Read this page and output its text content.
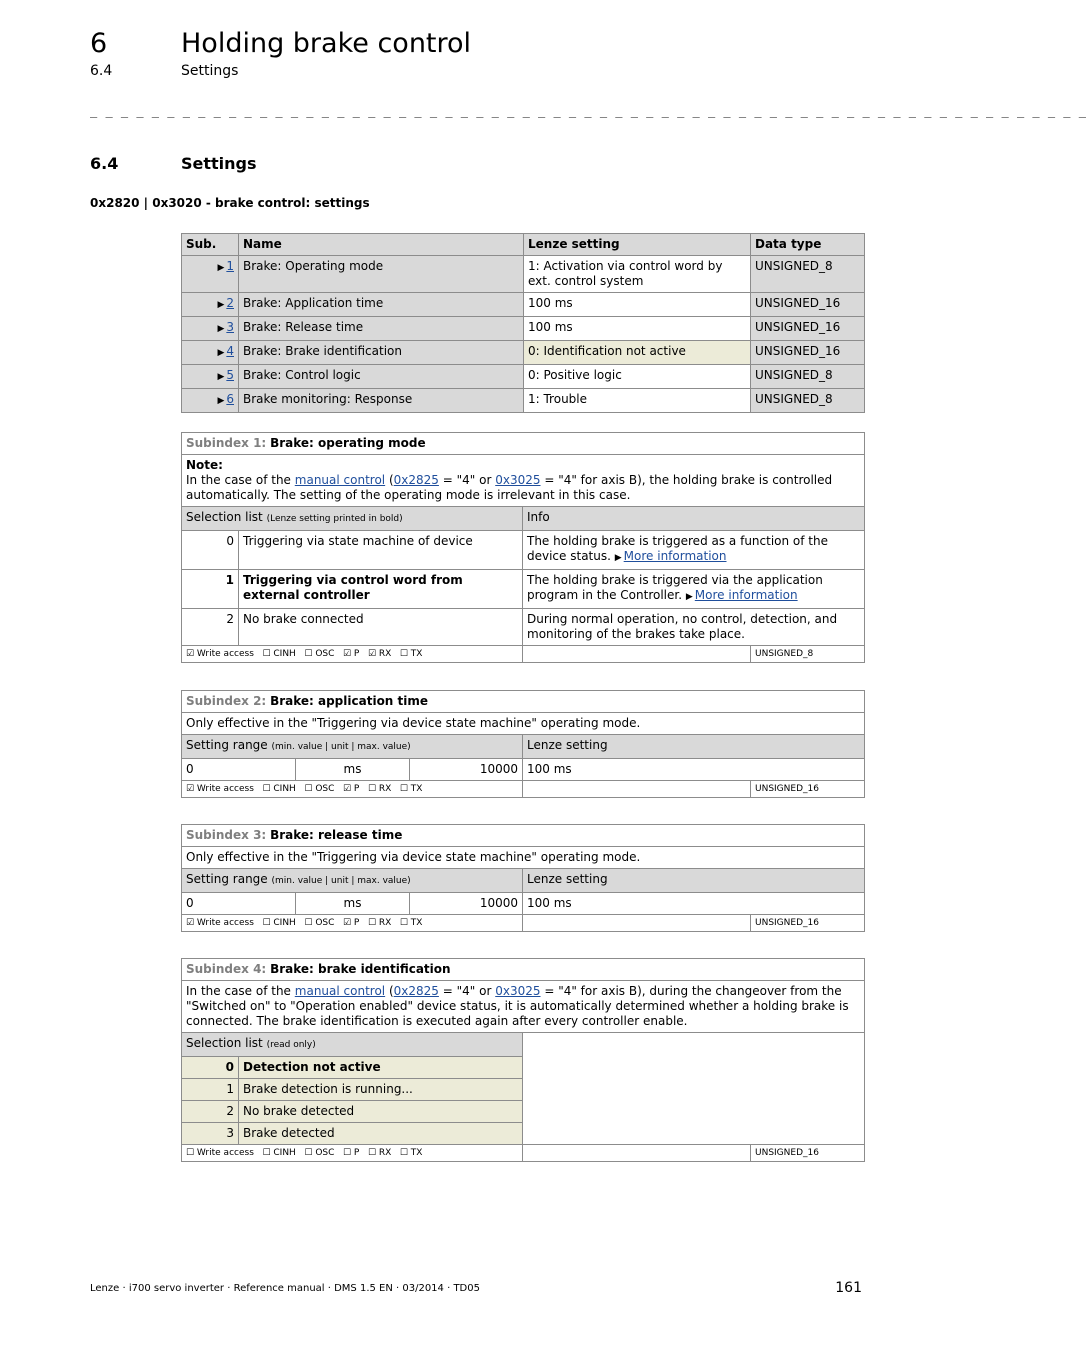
6	Holding brake control
6.4	Settings
_ _ _ _ _ _ _ _ _ _ _ _ _ _ _ _ _ _ _ _ _ _ _ _ _ _ _ _ _ _ _ _ _ _ _ _ _ _ _ _ _ _ _ _ _ _ _ _ _ _ _ _ _ _ _ _ _ _ _ _ _ _ _ _ _
6.4	Settings
0x2820 | 0x3020 - brake control: settings
Sub.	Name	Lenze setting	Data type
▶ 1	Brake: Operating mode	1: Activation via control word by ext. control system	UNSIGNED_8
▶ 2	Brake: Application time	100 ms	UNSIGNED_16
▶ 3	Brake: Release time	100 ms	UNSIGNED_16
▶ 4	Brake: Brake identification	0: Identification not active	UNSIGNED_16
▶ 5	Brake: Control logic	0: Positive logic	UNSIGNED_8
▶ 6	Brake monitoring: Response	1: Trouble	UNSIGNED_8
Subindex 1: Brake: operating mode			

Note:
In the case of the manual control (0x2825 = "4" or 0x3025 = "4" for axis B), the holding brake is controlled automatically. The setting of the operating mode is irrelevant in this case.			
Selection list (Lenze setting printed in bold)		Info	
0	Triggering via state machine of device	The holding brake is triggered as a function of the device status. ▶ More information	
1	Triggering via control word from external controller	The holding brake is triggered via the application program in the Controller. ▶ More information	
2	No brake connected	During normal operation, no control, detection, and monitoring of the brakes take place.	
☑ Write access   ☐ CINH   ☐ OSC   ☑ P   ☑ RX   ☐ TX			UNSIGNED_8
Subindex 2: Brake: application time				
Only effective in the "Triggering via device state machine" operating mode.				
Setting range (min. value | unit | max. value)			Lenze setting	
0	ms	10000	100 ms	
☑ Write access   ☐ CINH   ☐ OSC   ☑ P   ☐ RX   ☐ TX				UNSIGNED_16
Subindex 3: Brake: release time				
Only effective in the "Triggering via device state machine" operating mode.				
Setting range (min. value | unit | max. value)			Lenze setting	
0	ms	10000	100 ms	
☑ Write access   ☐ CINH   ☐ OSC   ☑ P   ☐ RX   ☐ TX				UNSIGNED_16
Subindex 4: Brake: brake identification			
In the case of the manual control (0x2825 = "4" or 0x3025 = "4" for axis B), during the changeover from the "Switched on" to "Operation enabled" device status, it is automatically determined whether a holding brake is connected. The brake identification is executed again after every controller enable.			
Selection list (read only)			
0	Detection not active		
1	Brake detection is running...		
2	No brake detected		
3	Brake detected		
☐ Write access   ☐ CINH   ☐ OSC   ☐ P   ☐ RX   ☐ TX			UNSIGNED_16
Lenze · i700 servo inverter · Reference manual · DMS 1.5 EN · 03/2014 · TD05	161
